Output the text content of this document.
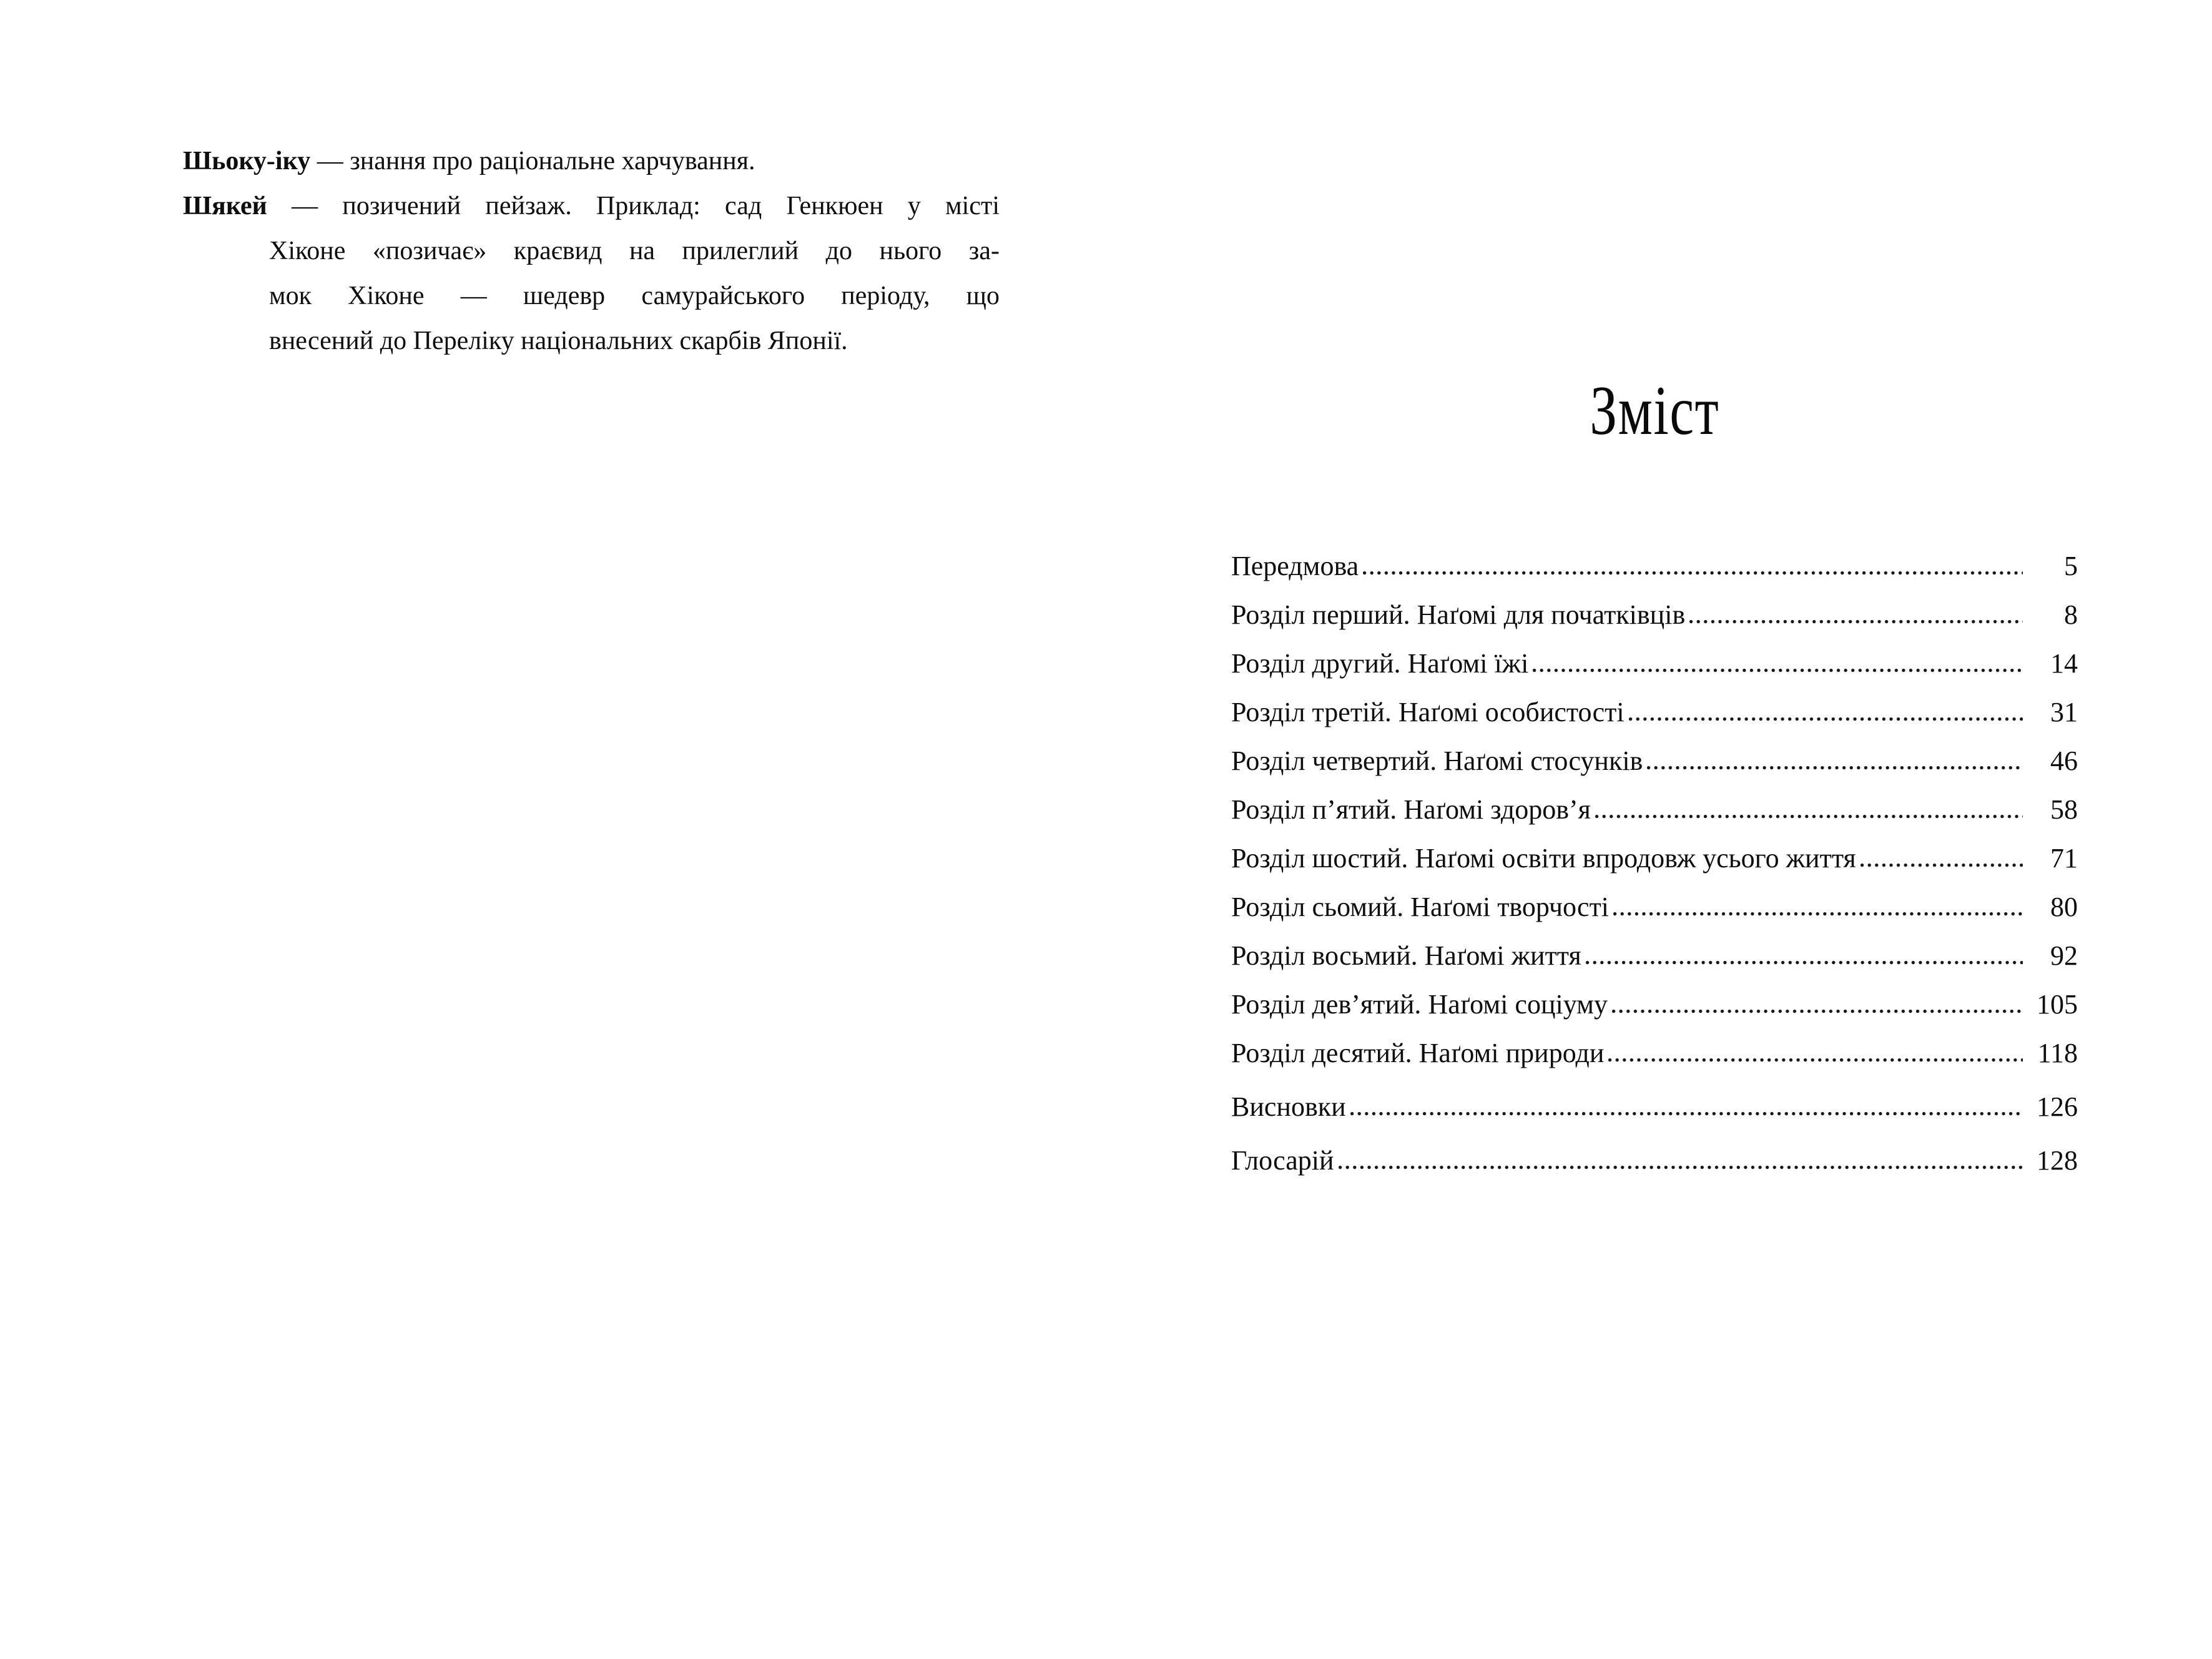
Шьоку-іку — знання про раціональне харчування.
Шякей — позичений пейзаж. Приклад: сад Генкюен у місті
Хіконе «позичає» краєвид на прилеглий до нього за-
мок Хіконе — шедевр самурайського періоду, що
внесений до Переліку національних скарбів Японії.
Зміст
Передмова	5
Розділ перший. Наґомі для початківців	8
Розділ другий. Наґомі їжі	14
Розділ третій. Наґомі особистості	31
Розділ четвертий. Наґомі стосунків	46
Розділ п’ятий. Наґомі здоров’я	58
Розділ шостий. Наґомі освіти впродовж усього життя	71
Розділ сьомий. Наґомі творчості	80
Розділ восьмий. Наґомі життя	92
Розділ дев’ятий. Наґомі соціуму	105
Розділ десятий. Наґомі природи	118
Висновки	126
Глосарій	128
